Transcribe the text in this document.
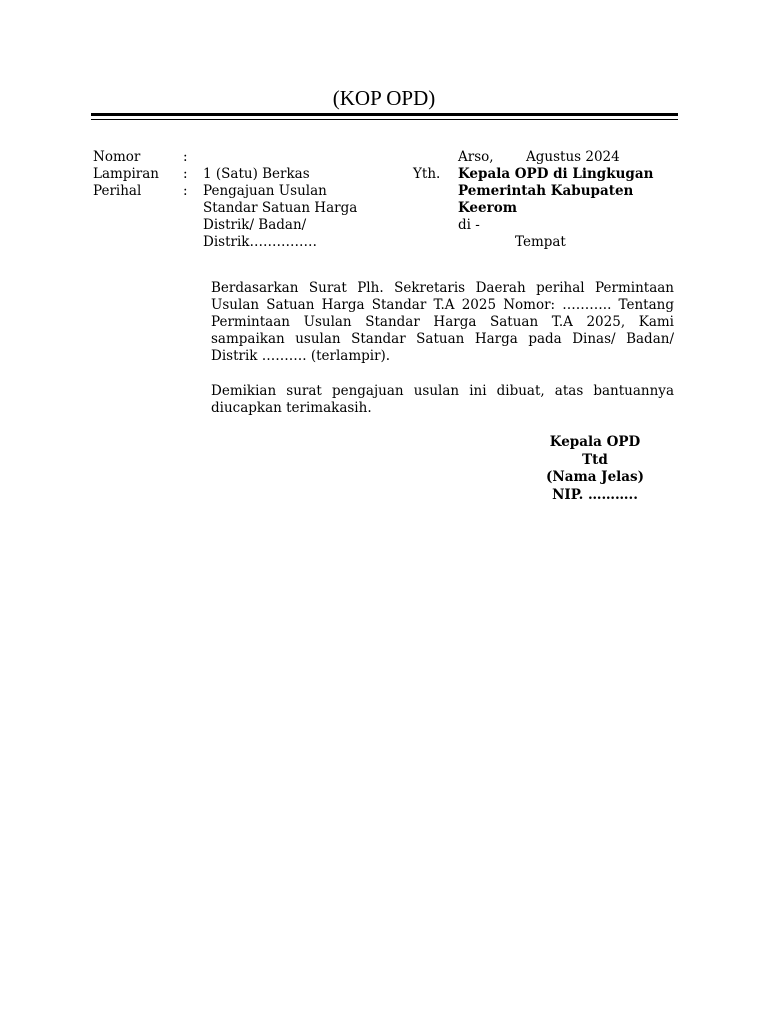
(KOP OPD)
Nomor	:
Lampiran : 1 (Satu) Berkas
Perihal	: Pengajuan Usulan
Standar Satuan Harga
Distrik/ Badan/
Distrik……………
Arso, Agustus 2024
Yth. Kepala OPD di Lingkugan
Pemerintah Kabupaten
Keerom
di -
Tempat
Berdasarkan Surat Plh. Sekretaris Daerah perihal Permintaan Usulan Satuan Harga Standar T.A 2025 Nomor: ……….. Tentang Permintaan Usulan Standar Harga Satuan T.A 2025, Kami sampaikan usulan Standar Satuan Harga pada Dinas/ Badan/ Distrik ………. (terlampir).
Demikian surat pengajuan usulan ini dibuat, atas bantuannya diucapkan terimakasih.
Kepala OPD
Ttd
(Nama Jelas)
NIP. ………..
